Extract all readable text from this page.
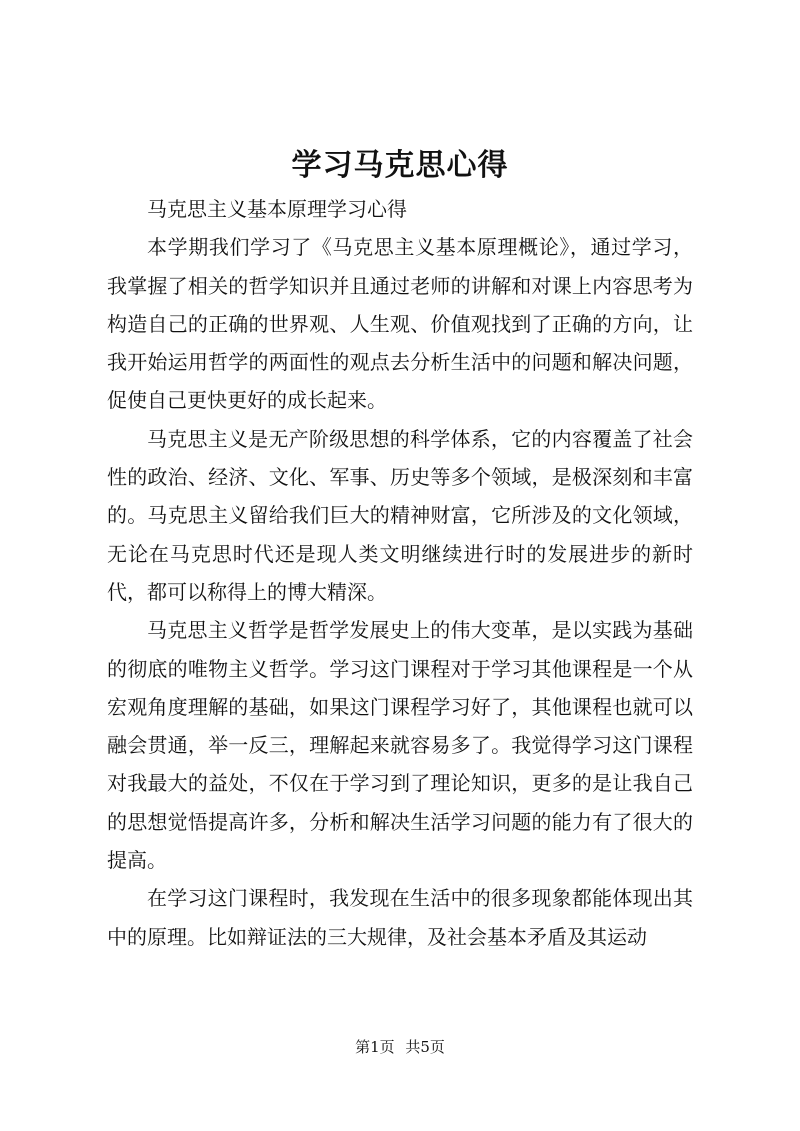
学习马克思心得

马克思主义基本原理学习心得

本学期我们学习了《马克思主义基本原理概论》，通过学习，我掌握了相关的哲学知识并且通过老师的讲解和对课上内容思考为构造自己的正确的世界观、人生观、价值观找到了正确的方向，让我开始运用哲学的两面性的观点去分析生活中的问题和解决问题，促使自己更快更好的成长起来。

马克思主义是无产阶级思想的科学体系，它的内容覆盖了社会性的政治、经济、文化、军事、历史等多个领域，是极深刻和丰富的。马克思主义留给我们巨大的精神财富，它所涉及的文化领域，无论在马克思时代还是现人类文明继续进行时的发展进步的新时代，都可以称得上的博大精深。

马克思主义哲学是哲学发展史上的伟大变革，是以实践为基础的彻底的唯物主义哲学。学习这门课程对于学习其他课程是一个从宏观角度理解的基础，如果这门课程学习好了，其他课程也就可以融会贯通，举一反三，理解起来就容易多了。我觉得学习这门课程对我最大的益处，不仅在于学习到了理论知识，更多的是让我自己的思想觉悟提高许多，分析和解决生活学习问题的能力有了很大的提高。

在学习这门课程时，我发现在生活中的很多现象都能体现出其中的原理。比如辩证法的三大规律，及社会基本矛盾及其运动

第1页 共5页
